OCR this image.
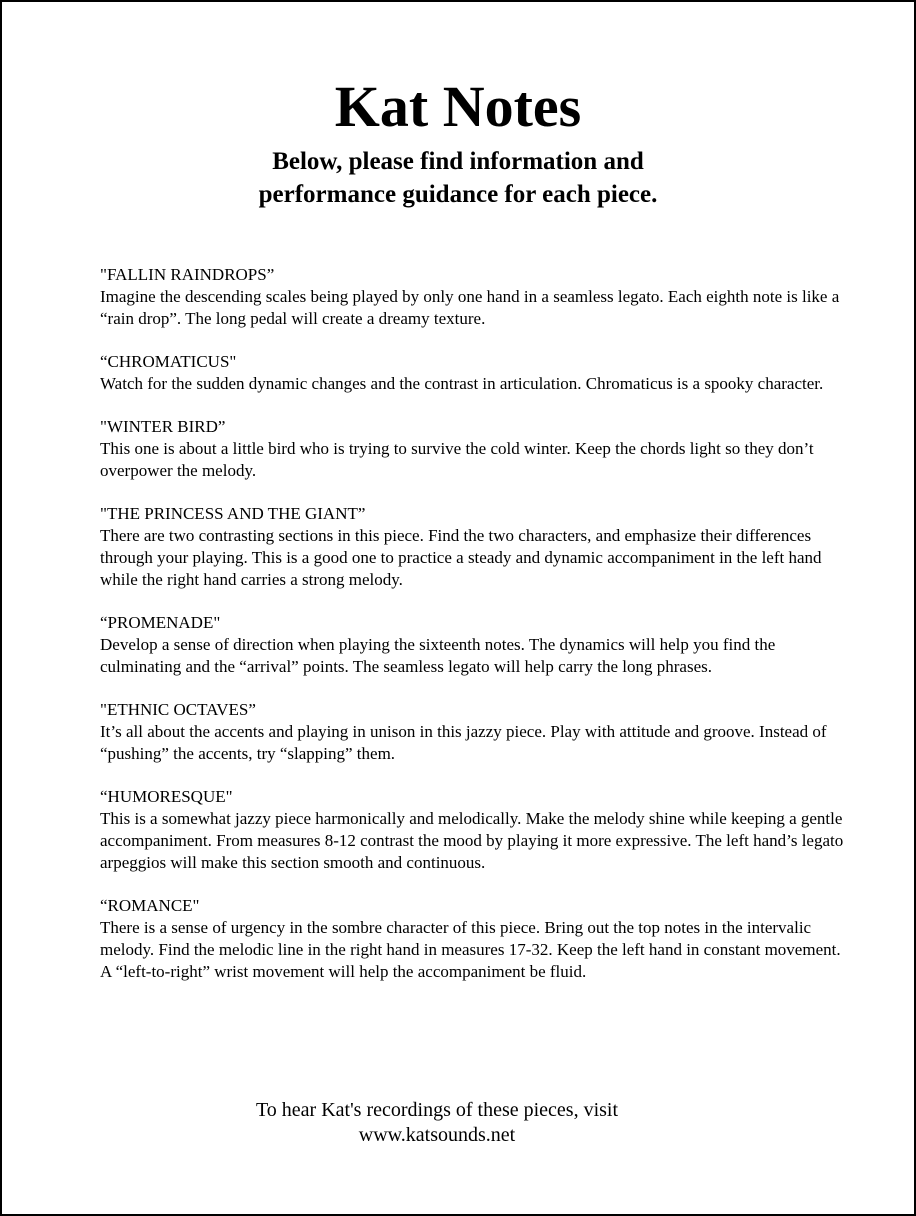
Kat Notes
Below, please find information and
performance guidance for each piece.

"FALLIN RAINDROPS”

Imagine the descending scales being played by only one hand in a seamless legato. Each eighth note is like a “rain drop”. The long pedal will create a dreamy texture.

“CHROMATICUS"

Watch for the sudden dynamic changes and the contrast in articulation. Chromaticus is a spooky character.

"WINTER BIRD”

This one is about a little bird who is trying to survive the cold winter. Keep the chords light so they don’t overpower the melody.

"THE PRINCESS AND THE GIANT”

There are two contrasting sections in this piece. Find the two characters, and emphasize their differences through your playing. This is a good one to practice a steady and dynamic accompaniment in the left hand while the right hand carries a strong melody.

“PROMENADE"

Develop a sense of direction when playing the sixteenth notes. The dynamics will help you find the culminating and the “arrival” points. The seamless legato will help carry the long phrases.

"ETHNIC OCTAVES”

It’s all about the accents and playing in unison in this jazzy piece. Play with attitude and groove. Instead of “pushing” the accents, try “slapping” them.

“HUMORESQUE"

This is a somewhat jazzy piece harmonically and melodically. Make the melody shine while keeping a gentle accompaniment. From measures 8-12 contrast the mood by playing it more expressive. The left hand’s legato arpeggios will make this section smooth and continuous.

“ROMANCE"

There is a sense of urgency in the sombre character of this piece. Bring out the top notes in the intervalic melody. Find the melodic line in the right hand in measures 17-32. Keep the left hand in constant movement. A “left-to-right” wrist movement will help the accompaniment be fluid.

To hear Kat's recordings of these pieces, visit
www.katsounds.net
